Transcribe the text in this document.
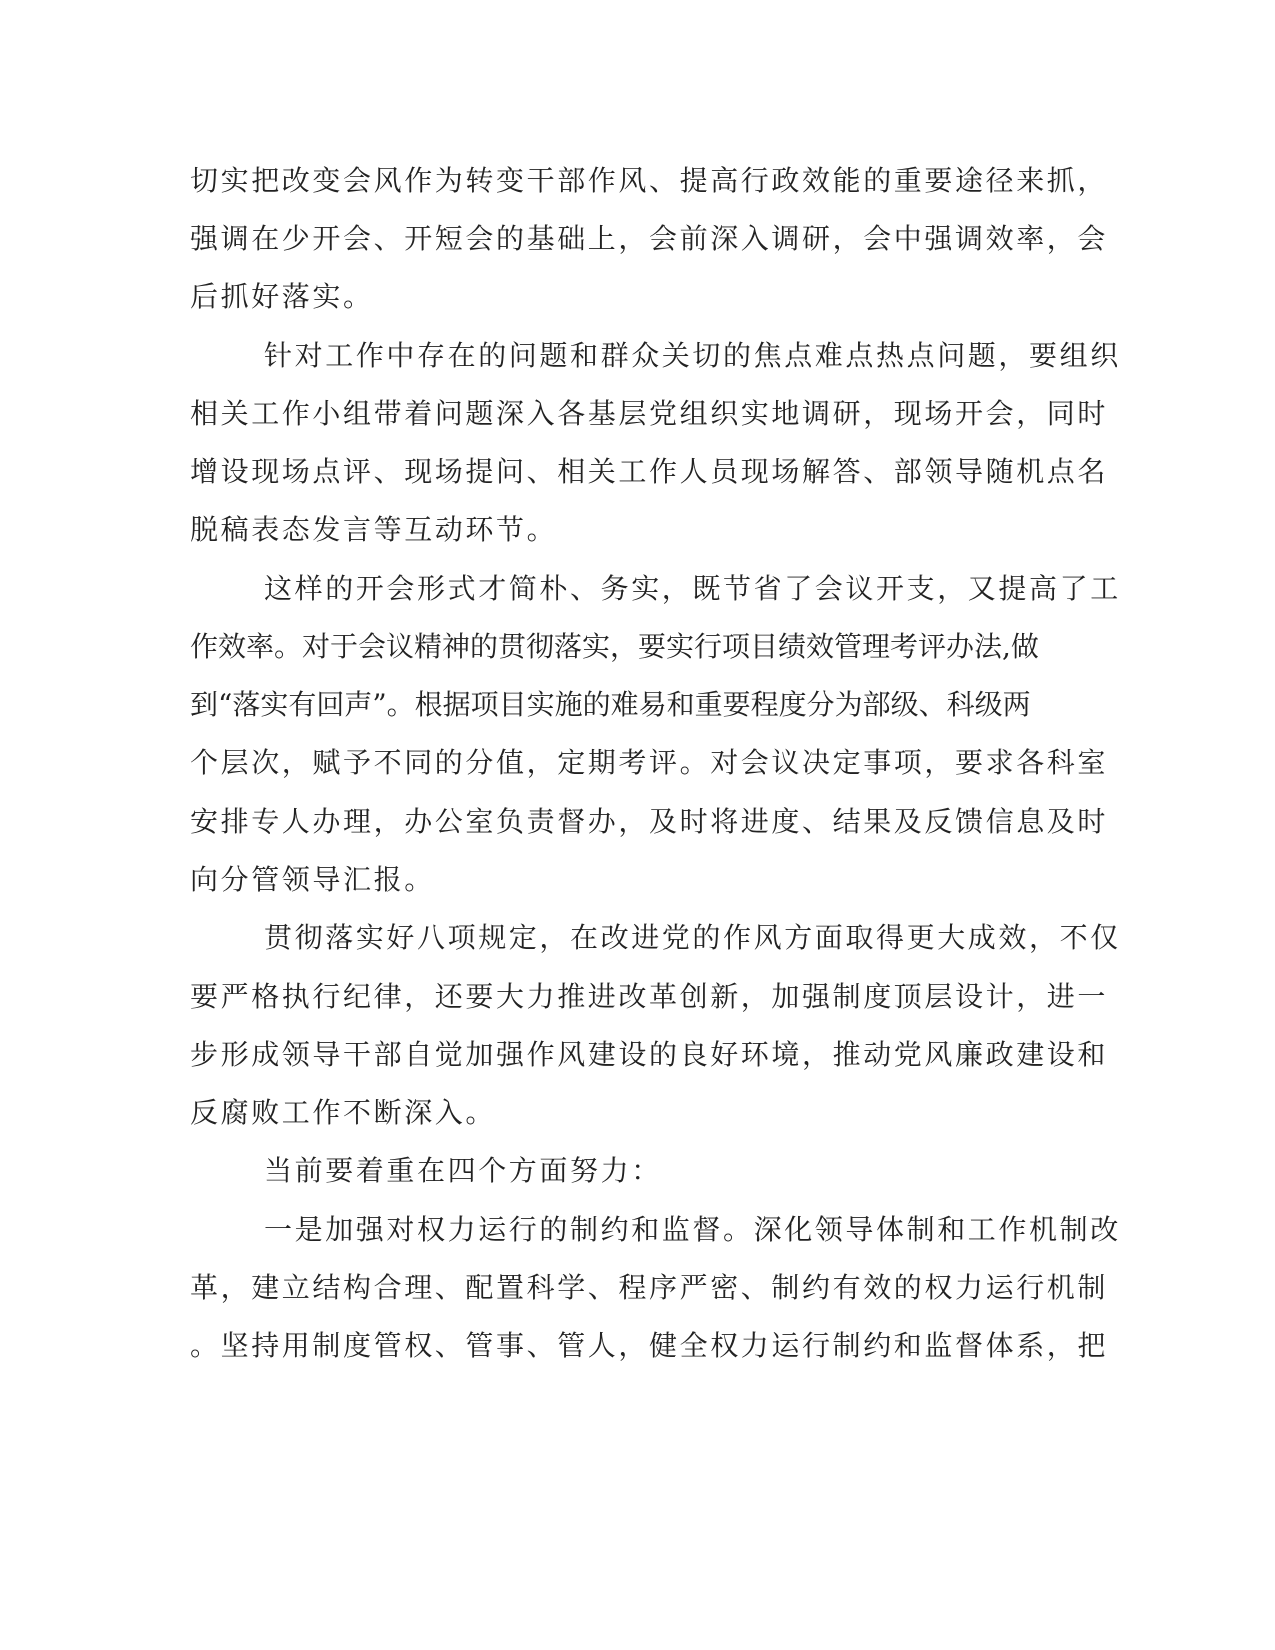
切实把改变会风作为转变干部作风、提高行政效能的重要途径来抓，
强调在少开会、开短会的基础上，会前深入调研，会中强调效率，会
后抓好落实。
针对工作中存在的问题和群众关切的焦点难点热点问题，要组织
相关工作小组带着问题深入各基层党组织实地调研，现场开会，同时
增设现场点评、现场提问、相关工作人员现场解答、部领导随机点名
脱稿表态发言等互动环节。
这样的开会形式才简朴、务实，既节省了会议开支，又提高了工
作效率。对于会议精神的贯彻落实，要实行项目绩效管理考评办法,做
到“落实有回声”。根据项目实施的难易和重要程度分为部级、科级两
个层次，赋予不同的分值，定期考评。对会议决定事项，要求各科室
安排专人办理，办公室负责督办，及时将进度、结果及反馈信息及时
向分管领导汇报。
贯彻落实好八项规定，在改进党的作风方面取得更大成效，不仅
要严格执行纪律，还要大力推进改革创新，加强制度顶层设计，进一
步形成领导干部自觉加强作风建设的良好环境，推动党风廉政建设和
反腐败工作不断深入。
当前要着重在四个方面努力：
一是加强对权力运行的制约和监督。深化领导体制和工作机制改
革，建立结构合理、配置科学、程序严密、制约有效的权力运行机制
。坚持用制度管权、管事、管人，健全权力运行制约和监督体系，把
